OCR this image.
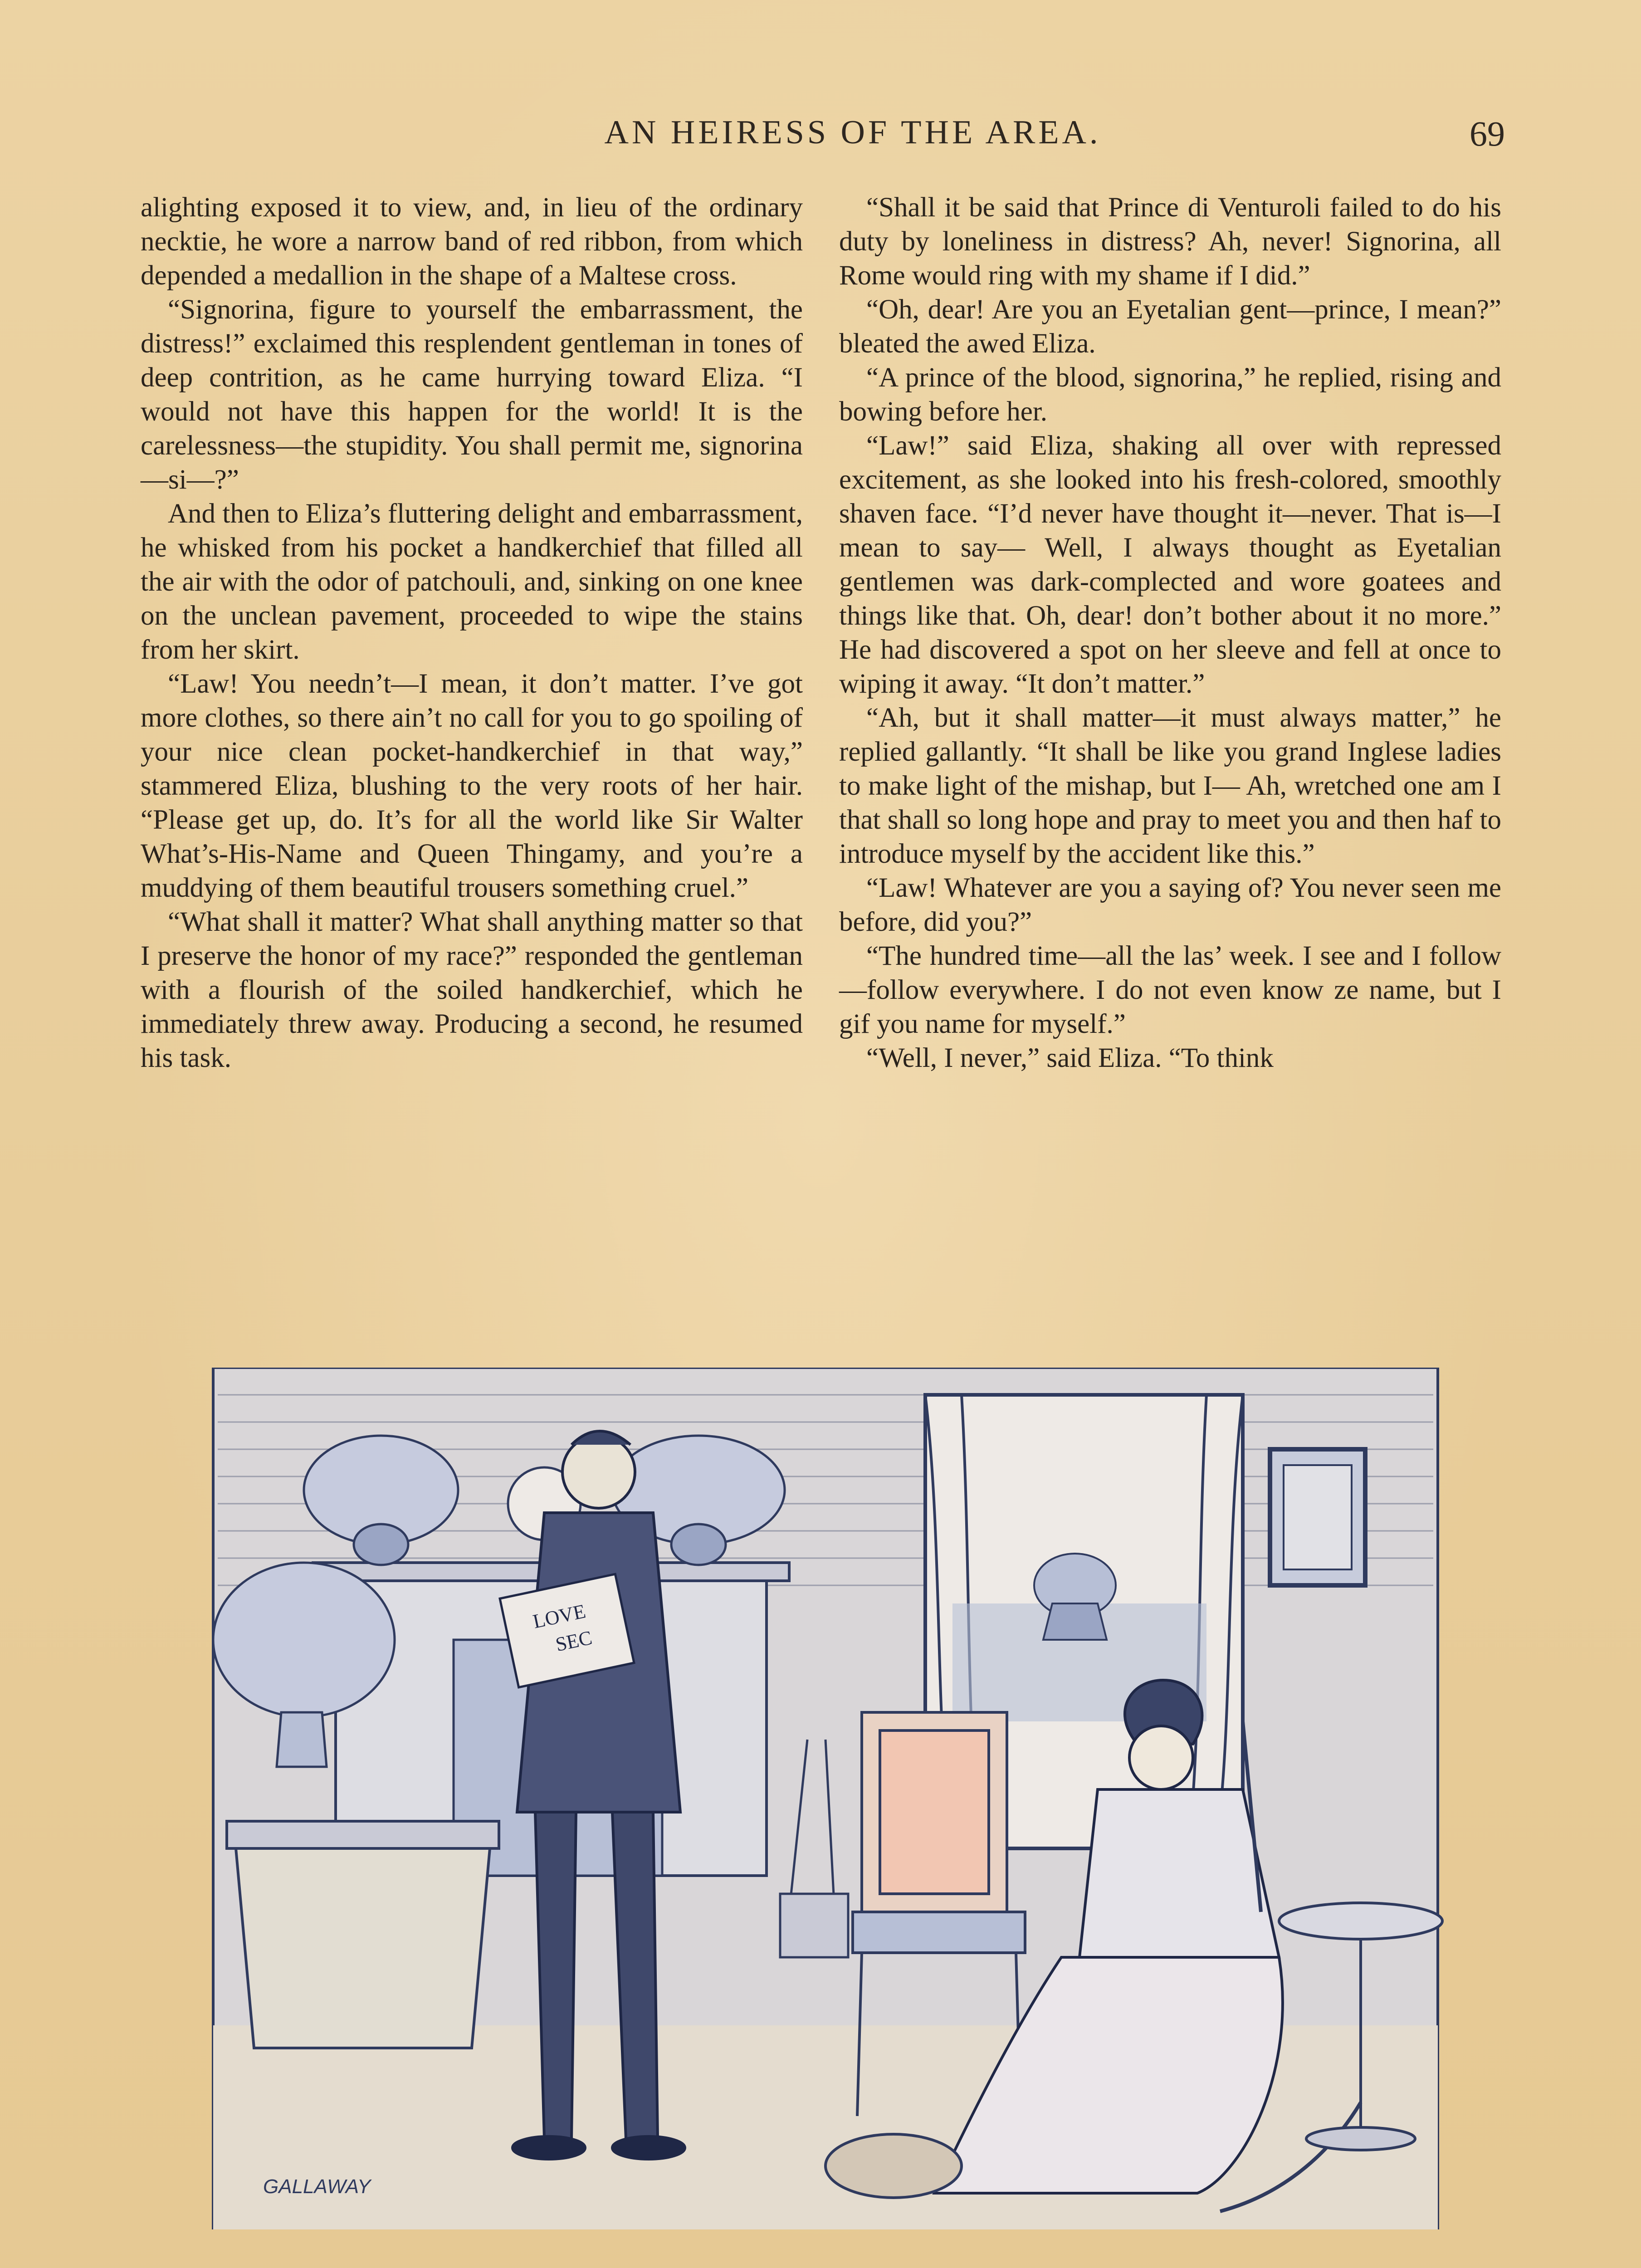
AN HEIRESS OF THE AREA.	69

alighting exposed it to view, and, in lieu of the ordinary necktie, he wore a narrow band of red ribbon, from which depended a medallion in the shape of a Maltese cross.

“Signorina, figure to yourself the embarrassment, the distress!” exclaimed this resplendent gentleman in tones of deep contrition, as he came hurrying toward Eliza. “I would not have this happen for the world! It is the carelessness—the stupidity. You shall permit me, signorina—si—?”

And then to Eliza’s fluttering delight and embarrassment, he whisked from his pocket a handkerchief that filled all the air with the odor of patchouli, and, sinking on one knee on the unclean pavement, proceeded to wipe the stains from her skirt.

“Law! You needn’t—I mean, it don’t matter. I’ve got more clothes, so there ain’t no call for you to go spoiling of your nice clean pocket-handkerchief in that way,” stammered Eliza, blushing to the very roots of her hair. “Please get up, do. It’s for all the world like Sir Walter What’s-His-Name and Queen Thingamy, and you’re a muddying of them beautiful trousers something cruel.”

“What shall it matter? What shall anything matter so that I preserve the honor of my race?” responded the gentleman with a flourish of the soiled handkerchief, which he immediately threw away. Producing a second, he resumed his task.

“Shall it be said that Prince di Venturoli failed to do his duty by loneliness in distress? Ah, never! Signorina, all Rome would ring with my shame if I did.”

“Oh, dear! Are you an Eyetalian gent—prince, I mean?” bleated the awed Eliza.

“A prince of the blood, signorina,” he replied, rising and bowing before her.

“Law!” said Eliza, shaking all over with repressed excitement, as she looked into his fresh-colored, smoothly shaven face. “I’d never have thought it—never. That is—I mean to say— Well, I always thought as Eyetalian gentlemen was dark-complected and wore goatees and things like that. Oh, dear! don’t bother about it no more.” He had discovered a spot on her sleeve and fell at once to wiping it away. “It don’t matter.”

“Ah, but it shall matter—it must always matter,” he replied gallantly. “It shall be like you grand Inglese ladies to make light of the mishap, but I— Ah, wretched one am I that shall so long hope and pray to meet you and then haf to introduce myself by the accident like this.”

“Law! Whatever are you a saying of? You never seen me before, did you?”

“The hundred time—all the las’ week. I see and I follow—follow everywhere. I do not even know ze name, but I gif you name for myself.”

“Well, I never,” said Eliza. “To think

LOVE
SEC
GALLAWAY
